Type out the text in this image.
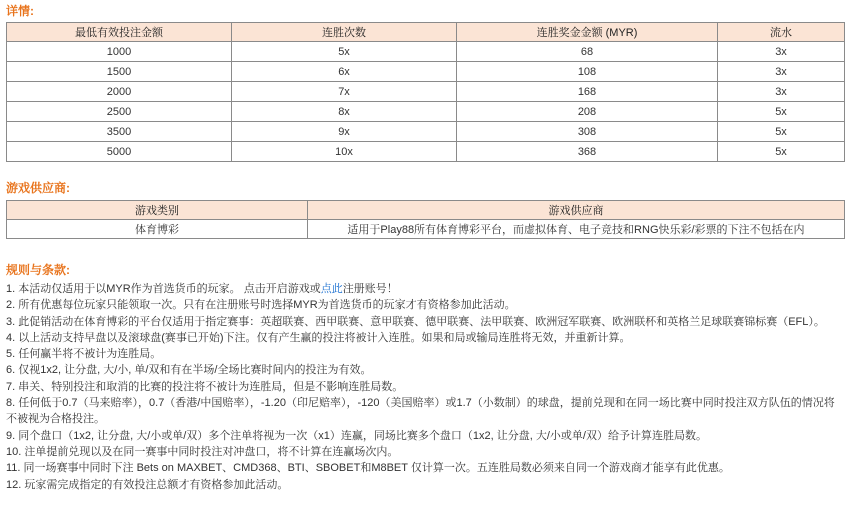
详情:
最低有效投注金额	连胜次数	连胜奖金金额 (MYR)	流水
1000	5x	68	3x
1500	6x	108	3x
2000	7x	168	3x
2500	8x	208	5x
3500	9x	308	5x
5000	10x	368	5x
游戏供应商:
游戏类别	游戏供应商
体育博彩	适用于Play88所有体育博彩平台，而虚拟体育、电子竞技和RNG快乐彩/彩票的下注不包括在内
规则与条款:

1. 本活动仅适用于以MYR作为首选货币的玩家。 点击开启游戏或点此注册账号！

2. 所有优惠每位玩家只能领取一次。只有在注册账号时选择MYR为首选货币的玩家才有资格参加此活动。

3. 此促销活动在体育博彩的平台仅适用于指定赛事：英超联赛、西甲联赛、意甲联赛、德甲联赛、法甲联赛、欧洲冠军联赛、欧洲联杯和英格兰足球联赛锦标赛（EFL）。

4. 以上活动支持早盘以及滚球盘(赛事已开始)下注。仅有产生赢的投注将被计入连胜。如果和局或输局连胜将无效，并重新计算。

5. 任何赢半将不被计为连胜局。

6. 仅视1x2, 让分盘, 大/小, 单/双和有在半场/全场比赛时间内的投注为有效。

7. 串关、特别投注和取消的比赛的投注将不被计为连胜局，但是不影响连胜局数。

8. 任何低于0.7（马来赔率），0.7（香港/中国赔率），-1.20（印尼赔率），-120（美国赔率）或1.7（小数制）的球盘，提前兑现和在同一场比赛中同时投注双方队伍的情况将不被视为合格投注。

9. 同个盘口（1x2, 让分盘, 大/小或单/双）多个注单将视为一次（x1）连赢，同场比赛多个盘口（1x2, 让分盘, 大/小或单/双）给予计算连胜局数。

10. 注单提前兑现以及在同一赛事中同时投注对冲盘口，将不计算在连赢场次内。

11. 同一场赛事中同时下注 Bets on MAXBET、CMD368、BTI、SBOBET和M8BET 仅计算一次。五连胜局数必须来自同一个游戏商才能享有此优惠。

12. 玩家需完成指定的有效投注总额才有资格参加此活动。
